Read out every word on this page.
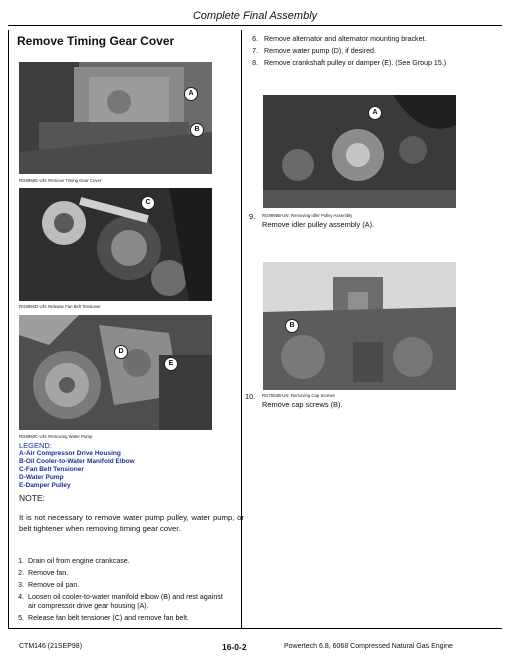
Complete Final Assembly
Remove Timing Gear Cover
A
B
RG8968C-UN: Remove Timing Gear Cover
C
RG8992D-UN: Release Fan Belt Tensioner
D
E
RG8960C-UN: Removing Water Pump
LEGEND:
A-Air Compressor Drive Housing
B-Oil Cooler-to-Water Manifold Elbow
C-Fan Belt Tensioner
D-Water Pump
E-Damper Pulley
NOTE:
It is not necessary to remove water pump pulley, water pump, or belt tightener when removing timing gear cover.
1. Drain oil from engine crankcase.
2. Remove fan.
3. Remove oil pan.
4. Loosen oil cooler-to-water manifold elbow (B) and rest against
air compressor drive gear housing (A).
5. Release fan belt tensioner (C) and remove fan belt.
6. Remove alternator and alternator mounting bracket.
7. Remove water pump (D), if desired.
8. Remove crankshaft pulley or damper (E). (See Group 15.)
A
9. RG8995B-UN: Removing Idler Pulley Assembly
Remove idler pulley assembly (A).
B
10. RG7553B-UN: Removing Cap Screws
Remove cap screws (B).
CTM146 (21SEP98)	16-0-2	Powertech 6.8, 6068 Compressed Natural Gas Engine
